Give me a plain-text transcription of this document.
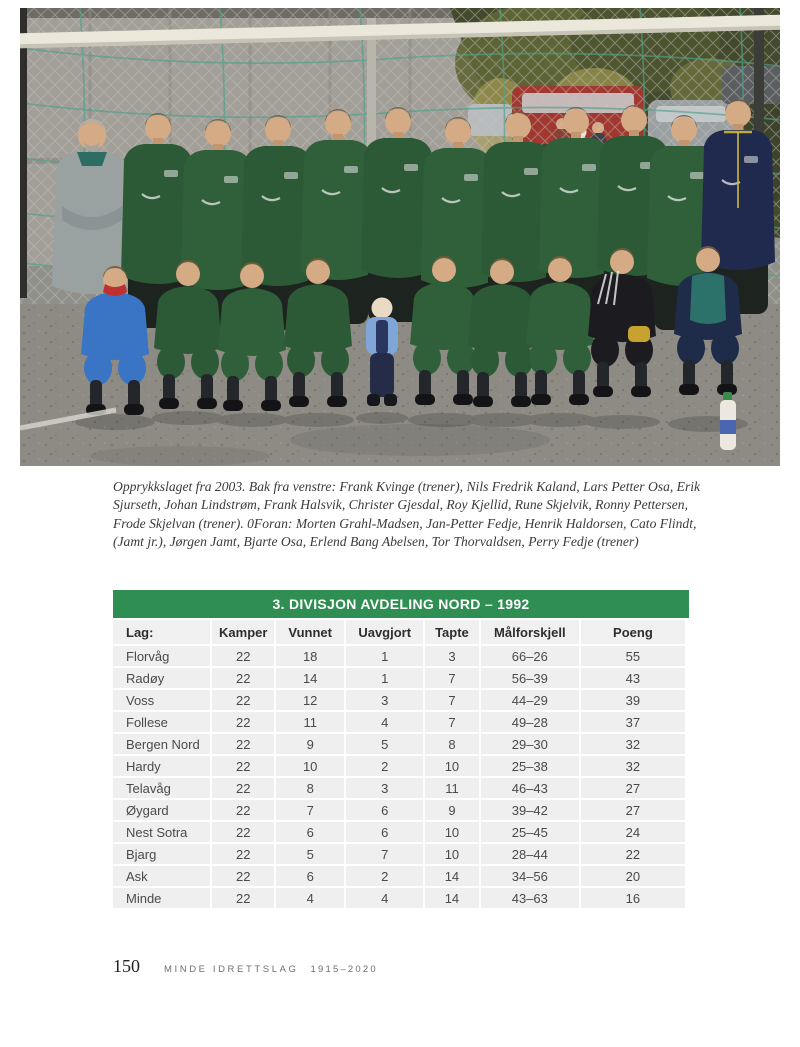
Opprykkslaget fra 2003. Bak fra venstre: Frank Kvinge (trener), Nils Fredrik Kaland, Lars Petter Osa, Erik Sjurseth, Johan Lindstrøm, Frank Halsvik, Christer Gjesdal, Roy Kjellid, Rune Skjelvik, Ronny Pettersen, Frode Skjelvan (trener). 0Foran: Morten Grahl-Madsen, Jan-Petter Fedje, Henrik Haldorsen, Cato Flindt, (Jamt jr.), Jørgen Jamt, Bjarte Osa, Erlend Bang Abelsen, Tor Thorvaldsen, Perry Fedje (trener)

3. DIVISJON AVDELING NORD – 1992
Lag:	Kamper	Vunnet	Uavgjort	Tapte	Målforskjell	Poeng
Florvåg	22	18	1	3	66–26	55
Radøy	22	14	1	7	56–39	43
Voss	22	12	3	7	44–29	39
Follese	22	11	4	7	49–28	37
Bergen Nord	22	9	5	8	29–30	32
Hardy	22	10	2	10	25–38	32
Telavåg	22	8	3	11	46–43	27
Øygard	22	7	6	9	39–42	27
Nest Sotra	22	6	6	10	25–45	24
Bjarg	22	5	7	10	28–44	22
Ask	22	6	2	14	34–56	20
Minde	22	4	4	14	43–63	16
150	MINDE IDRETTSLAG 1915–2020
